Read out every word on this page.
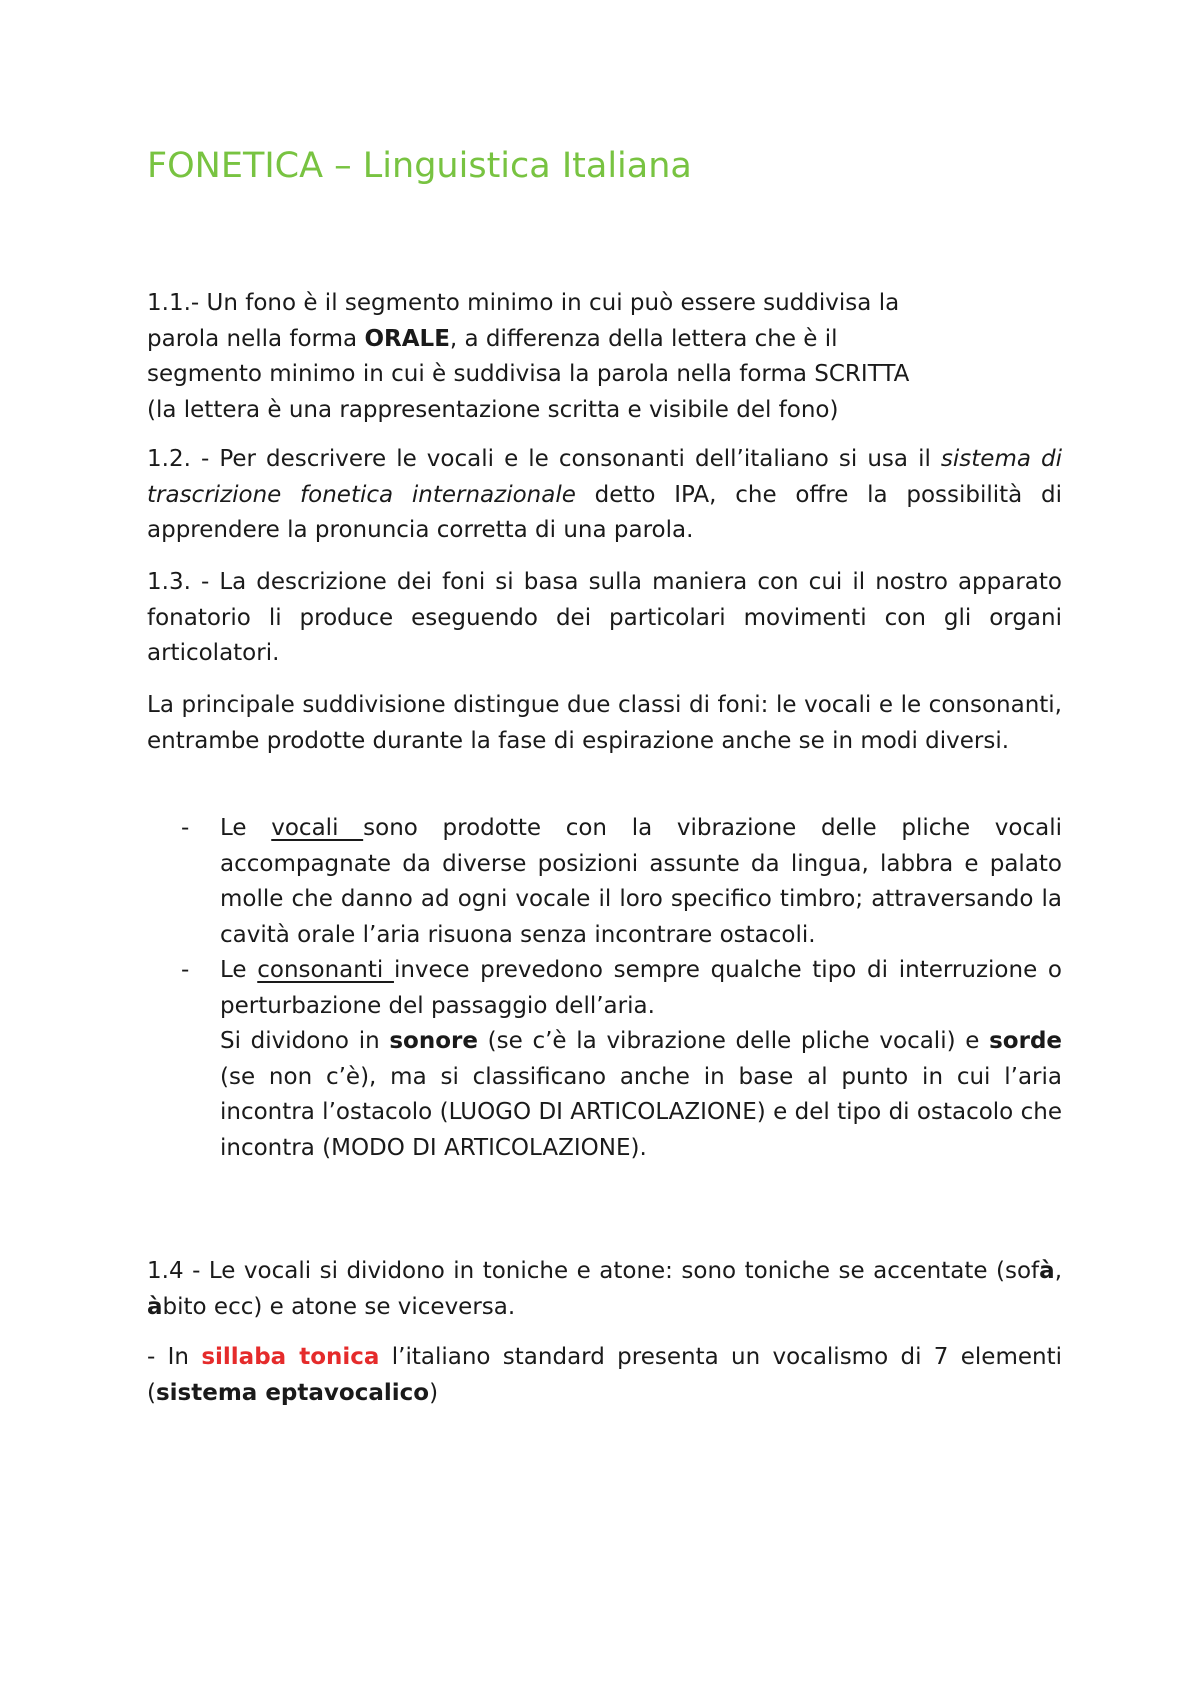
FONETICA – Linguistica Italiana

1.1.- Un fono è il segmento minimo in cui può essere suddivisa la

parola nella forma ORALE, a differenza della lettera che è il

segmento minimo in cui è suddivisa la parola nella forma SCRITTA

(la lettera è una rappresentazione scritta e visibile del fono)

1.2. - Per descrivere le vocali e le consonanti dell’italiano si usa il sistema di trascrizione fonetica internazionale detto IPA, che offre la possibilità di apprendere la pronuncia corretta di una parola.

1.3. - La descrizione dei foni si basa sulla maniera con cui il nostro apparato fonatorio li produce eseguendo dei particolari movimenti con gli organi articolatori.

La principale suddivisione distingue due classi di foni: le vocali e le consonanti, entrambe prodotte durante la fase di espirazione anche se in modi diversi.

- Le vocali sono prodotte con la vibrazione delle pliche vocali accompagnate da diverse posizioni assunte da lingua, labbra e palato molle che danno ad ogni vocale il loro specifico timbro; attraversando la cavità orale l’aria risuona senza incontrare ostacoli.

- Le consonanti invece prevedono sempre qualche tipo di interruzione o perturbazione del passaggio dell’aria.

Si dividono in sonore (se c’è la vibrazione delle pliche vocali) e sorde (se non c’è), ma si classificano anche in base al punto in cui l’aria incontra l’ostacolo (LUOGO DI ARTICOLAZIONE) e del tipo di ostacolo che incontra (MODO DI ARTICOLAZIONE).

1.4 - Le vocali si dividono in toniche e atone: sono toniche se accentate (sofà, àbito ecc) e atone se viceversa.

- In sillaba tonica l’italiano standard presenta un vocalismo di 7 elementi (sistema eptavocalico)
